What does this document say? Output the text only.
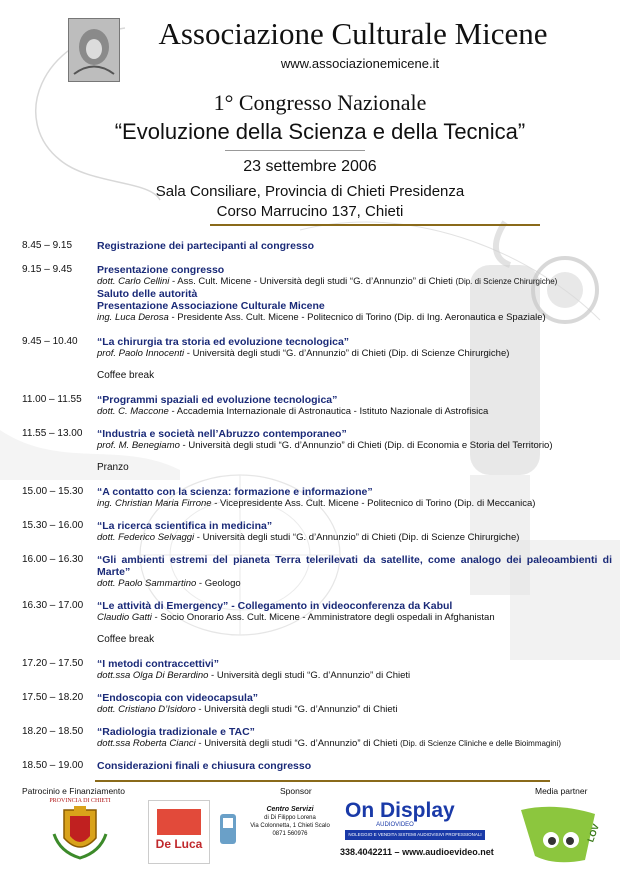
Associazione Culturale Micene
www.associazionemicene.it
1° Congresso Nazionale
“Evoluzione della Scienza e della Tecnica”
23 settembre 2006
Sala Consiliare, Provincia di Chieti Presidenza
Corso Marrucino 137, Chieti
8.45 – 9.15	Registrazione dei partecipanti al congresso
9.15 – 9.45	Presentazione congresso
dott. Carlo Cellini - Ass. Cult. Micene - Università degli studi “G. d’Annunzio” di Chieti (Dip. di Scienze Chirurgiche)
Saluto delle autorità
Presentazione Associazione Culturale Micene
ing. Luca Derosa - Presidente Ass. Cult. Micene - Politecnico di Torino (Dip. di Ing. Aeronautica e Spaziale)
9.45 – 10.40	“La chirurgia tra storia ed evoluzione tecnologica”
prof. Paolo Innocenti - Università degli studi “G. d’Annunzio” di Chieti (Dip. di Scienze Chirurgiche)
Coffee break
11.00 – 11.55	“Programmi spaziali ed evoluzione tecnologica”
dott. C. Maccone - Accademia Internazionale di Astronautica - Istituto Nazionale di Astrofisica
11.55 – 13.00	“Industria e società nell’Abruzzo contemporaneo”
prof. M. Benegiamo - Università degli studi “G. d’Annunzio” di Chieti (Dip. di Economia e Storia del Territorio)
Pranzo
15.00 – 15.30	“A contatto con la scienza: formazione e informazione”
ing. Christian Maria Firrone - Vicepresidente Ass. Cult. Micene - Politecnico di Torino (Dip. di Meccanica)
15.30 – 16.00	“La ricerca scientifica in medicina”
dott. Federico Selvaggi - Università degli studi “G. d’Annunzio” di Chieti (Dip. di Scienze Chirurgiche)
16.00 – 16.30	“Gli ambienti estremi del pianeta Terra telerilevati da satellite, come analogo dei paleoambienti di Marte”
dott. Paolo Sammartino - Geologo
16.30 – 17.00	“Le attività di Emergency” - Collegamento in videoconferenza da Kabul
Claudio Gatti - Socio Onorario Ass. Cult. Micene - Amministratore degli ospedali in Afghanistan
Coffee break
17.20 – 17.50	“I metodi contraccettivi”
dott.ssa Olga Di Berardino - Università degli studi “G. d’Annunzio” di Chieti
17.50 – 18.20	“Endoscopia con videocapsula”
dott. Cristiano D’Isidoro - Università degli studi “G. d’Annunzio” di Chieti
18.20 – 18.50	“Radiologia tradizionale e TAC”
dott.ssa Roberta Cianci - Università degli studi “G. d’Annunzio” di Chieti (Dip. di Scienze Cliniche e delle Bioimmagini)
18.50 – 19.00	Considerazioni finali e chiusura congresso
Patrocinio e Finanziamento	Sponsor	Media partner
PROVINCIA DI CHIETI
De Luca
Centro Servizi
di Di Filippo Lorena
Via Colonnetta, 1 Chieti Scalo
0871 560976
On Display
AUDIOVIDEO
NOLEGGIO E VENDITA SISTEMI AUDIOVISIVI PROFESSIONALI
338.4042211 – www.audioevideo.net
LOV
